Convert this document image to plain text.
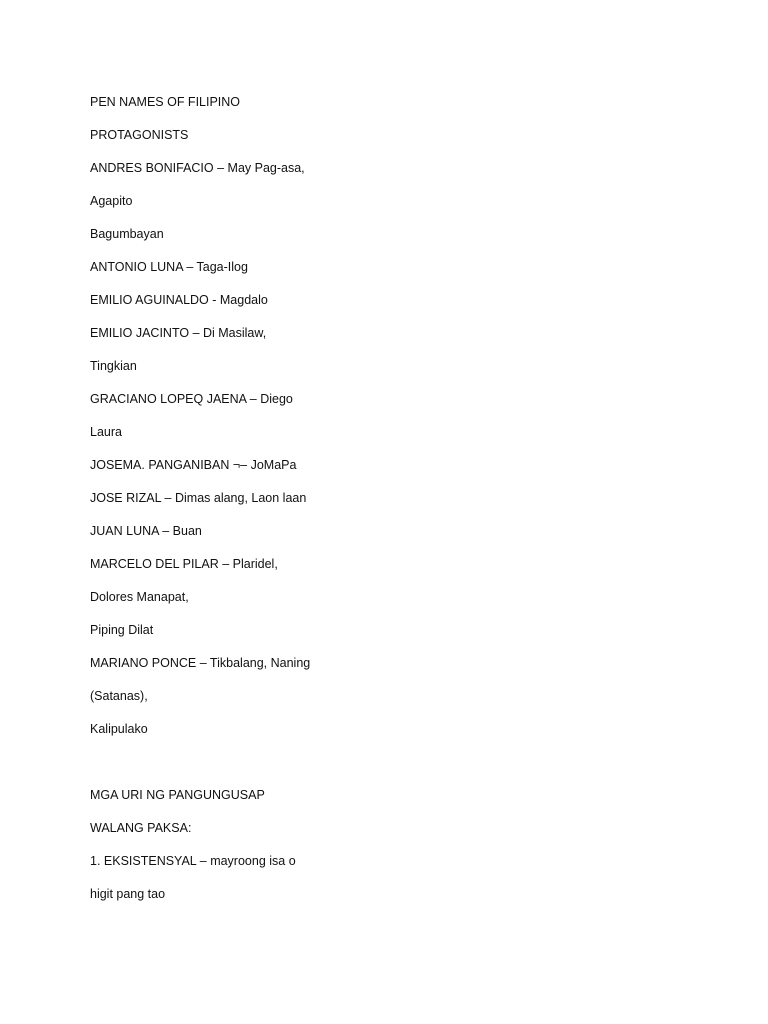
PEN NAMES OF FILIPINO
PROTAGONISTS
ANDRES BONIFACIO – May Pag-asa,
Agapito
Bagumbayan
ANTONIO LUNA – Taga-Ilog
EMILIO AGUINALDO - Magdalo
EMILIO JACINTO – Di Masilaw,
Tingkian
GRACIANO LOPEQ JAENA – Diego
Laura
JOSEMA. PANGANIBAN ¬– JoMaPa
JOSE RIZAL – Dimas alang, Laon laan
JUAN LUNA – Buan
MARCELO DEL PILAR – Plaridel,
Dolores Manapat,
Piping Dilat
MARIANO PONCE – Tikbalang, Naning
(Satanas),
Kalipulako
MGA URI NG PANGUNGUSAP
WALANG PAKSA:
1. EKSISTENSYAL – mayroong isa o
higit pang tao
